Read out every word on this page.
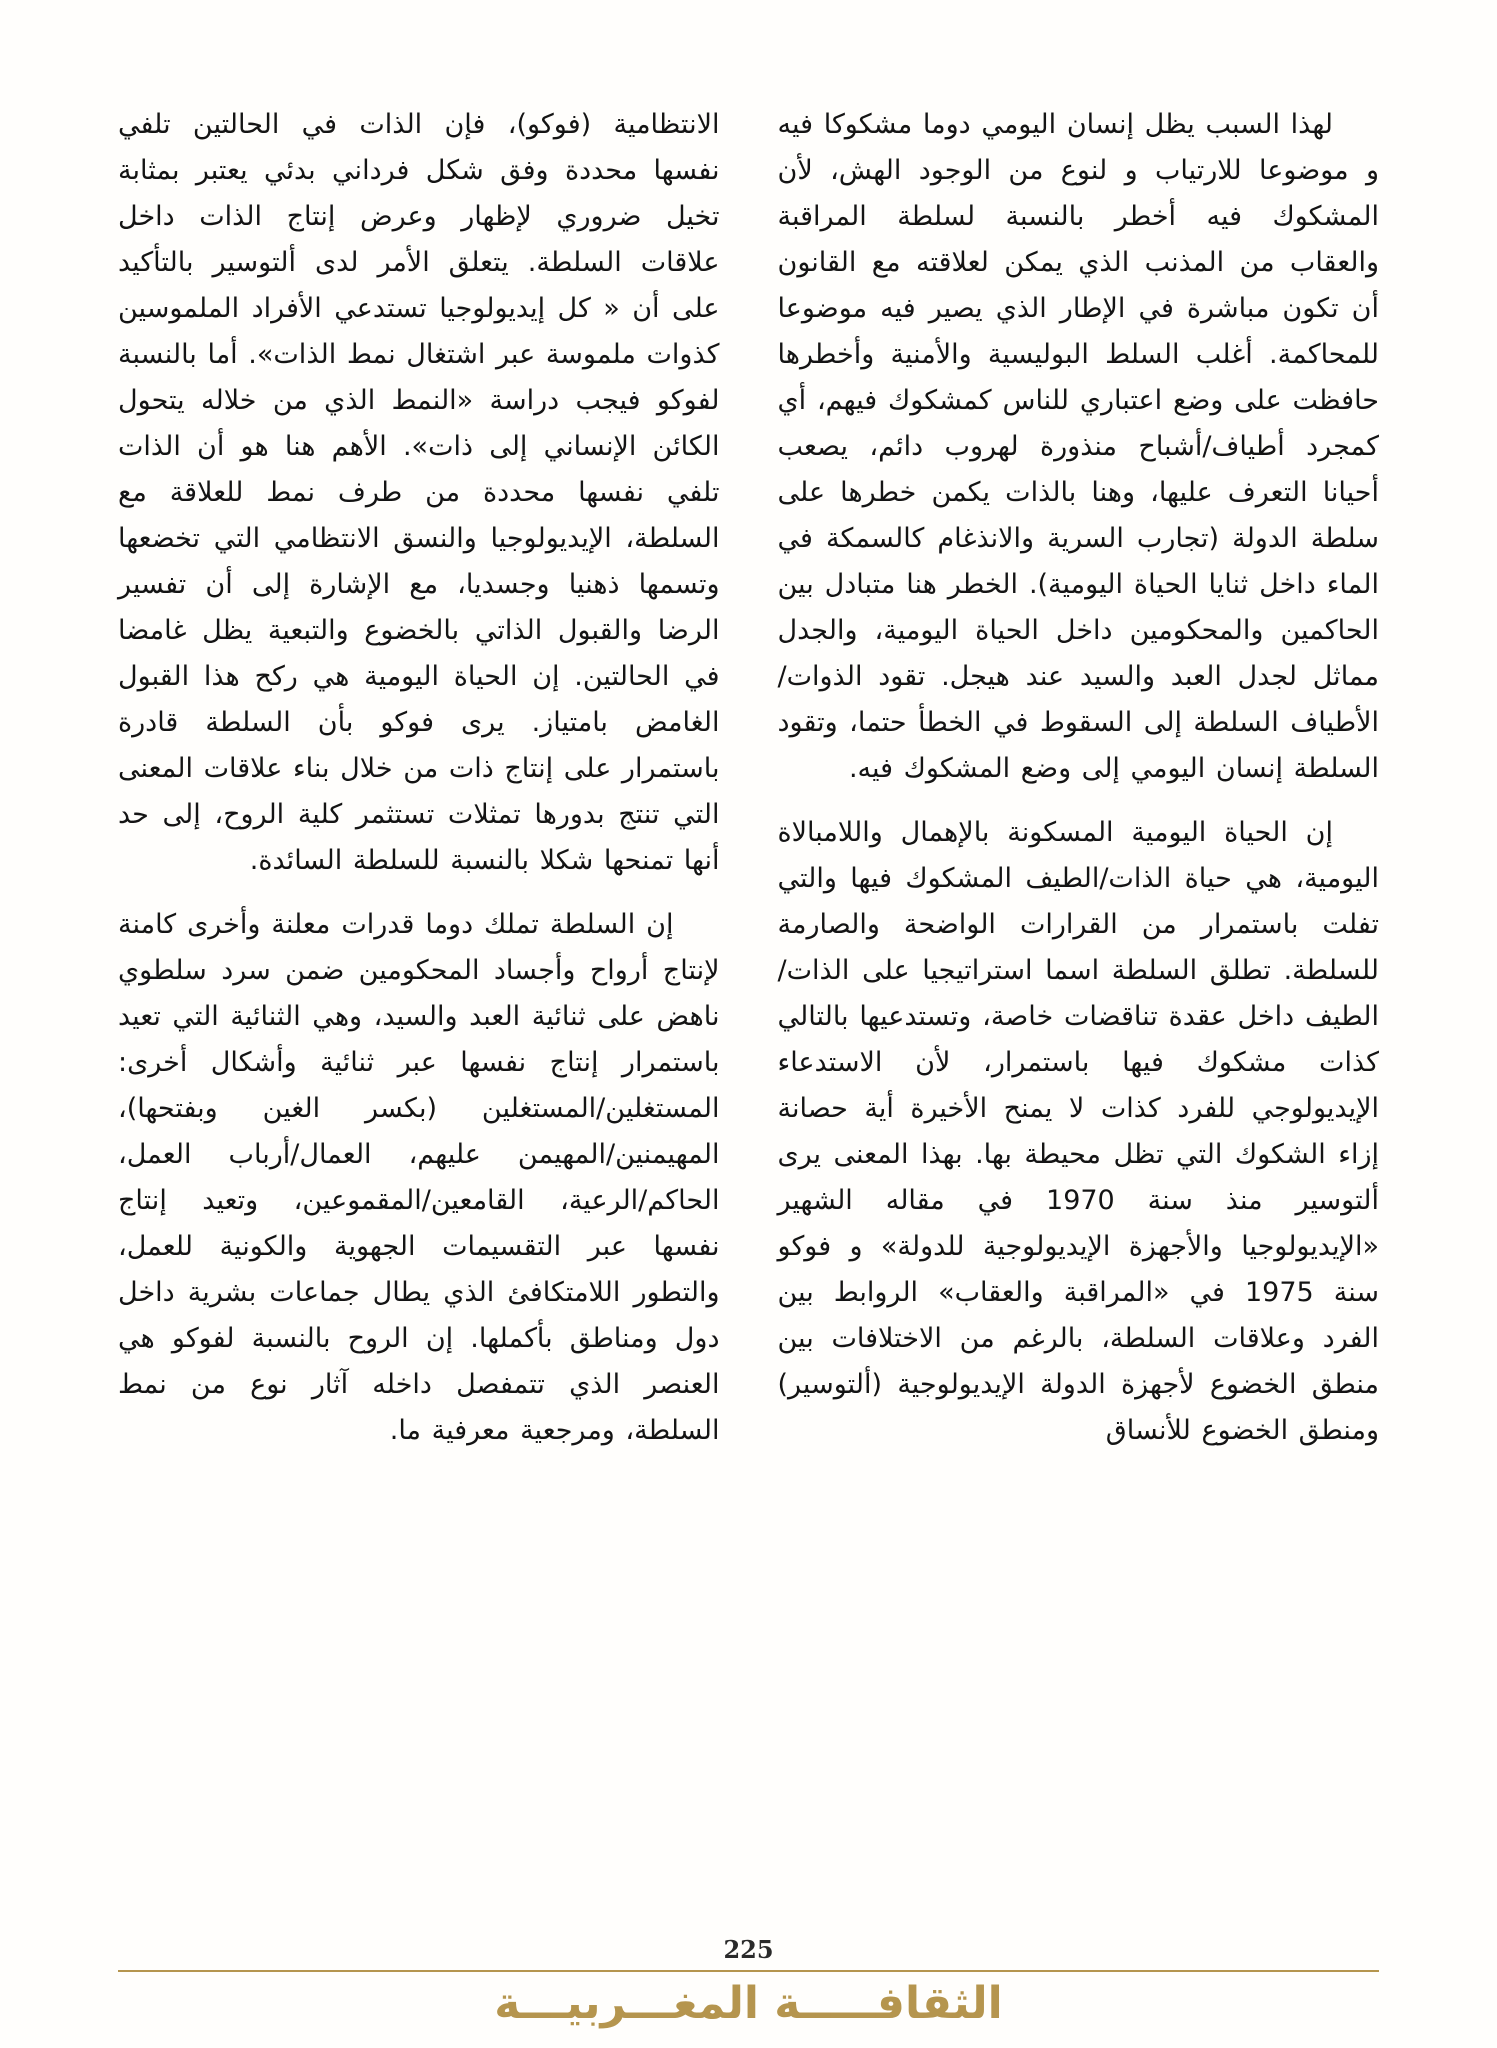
لهذا السبب يظل إنسان اليومي دوما مشكوكا فيه و موضوعا للارتياب و لنوع من الوجود الهش، لأن المشكوك فيه أخطر بالنسبة لسلطة المراقبة والعقاب من المذنب الذي يمكن لعلاقته مع القانون أن تكون مباشرة في الإطار الذي يصير فيه موضوعا للمحاكمة. أغلب السلط البوليسية والأمنية وأخطرها حافظت على وضع اعتباري للناس كمشكوك فيهم، أي كمجرد أطياف/أشباح منذورة لهروب دائم، يصعب أحيانا التعرف عليها، وهنا بالذات يكمن خطرها على سلطة الدولة (تجارب السرية والانذغام كالسمكة في الماء داخل ثنايا الحياة اليومية). الخطر هنا متبادل بين الحاكمين والمحكومين داخل الحياة اليومية، والجدل مماثل لجدل العبد والسيد عند هيجل. تقود الذوات/الأطياف السلطة إلى السقوط في الخطأ حتما، وتقود السلطة إنسان اليومي إلى وضع المشكوك فيه.

إن الحياة اليومية المسكونة بالإهمال واللامبالاة اليومية، هي حياة الذات/الطيف المشكوك فيها والتي تفلت باستمرار من القرارات الواضحة والصارمة للسلطة. تطلق السلطة اسما استراتيجيا على الذات/الطيف داخل عقدة تناقضات خاصة، وتستدعيها بالتالي كذات مشكوك فيها باستمرار، لأن الاستدعاء الإيديولوجي للفرد كذات لا يمنح الأخيرة أية حصانة إزاء الشكوك التي تظل محيطة بها. بهذا المعنى يرى ألتوسير منذ سنة 1970 في مقاله الشهير «الإيديولوجيا والأجهزة الإيديولوجية للدولة» و فوكو سنة 1975 في «المراقبة والعقاب» الروابط بين الفرد وعلاقات السلطة، بالرغم من الاختلافات بين منطق الخضوع لأجهزة الدولة الإيديولوجية (ألتوسير) ومنطق الخضوع للأنساق

الانتظامية (فوكو)، فإن الذات في الحالتين تلفي نفسها محددة وفق شكل فرداني بدئي يعتبر بمثابة تخيل ضروري لإظهار وعرض إنتاج الذات داخل علاقات السلطة. يتعلق الأمر لدى ألتوسير بالتأكيد على أن « كل إيديولوجيا تستدعي الأفراد الملموسين كذوات ملموسة عبر اشتغال نمط الذات». أما بالنسبة لفوكو فيجب دراسة «النمط الذي من خلاله يتحول الكائن الإنساني إلى ذات». الأهم هنا هو أن الذات تلفي نفسها محددة من طرف نمط للعلاقة مع السلطة، الإيديولوجيا والنسق الانتظامي التي تخضعها وتسمها ذهنيا وجسديا، مع الإشارة إلى أن تفسير الرضا والقبول الذاتي بالخضوع والتبعية يظل غامضا في الحالتين. إن الحياة اليومية هي ركح هذا القبول الغامض بامتياز. يرى فوكو بأن السلطة قادرة باستمرار على إنتاج ذات من خلال بناء علاقات المعنى التي تنتج بدورها تمثلات تستثمر كلية الروح، إلى حد أنها تمنحها شكلا بالنسبة للسلطة السائدة.

إن السلطة تملك دوما قدرات معلنة وأخرى كامنة لإنتاج أرواح وأجساد المحكومين ضمن سرد سلطوي ناهض على ثنائية العبد والسيد، وهي الثنائية التي تعيد باستمرار إنتاج نفسها عبر ثنائية وأشكال أخرى: المستغلين/المستغلين (بكسر الغين وبفتحها)، المهيمنين/المهيمن عليهم، العمال/أرباب العمل، الحاكم/الرعية، القامعين/المقموعين، وتعيد إنتاج نفسها عبر التقسيمات الجهوية والكونية للعمل، والتطور اللامتكافئ الذي يطال جماعات بشرية داخل دول ومناطق بأكملها. إن الروح بالنسبة لفوكو هي العنصر الذي تتمفصل داخله آثار نوع من نمط السلطة، ومرجعية معرفية ما.

225
الثقافـــــة المغـــربيـــة
